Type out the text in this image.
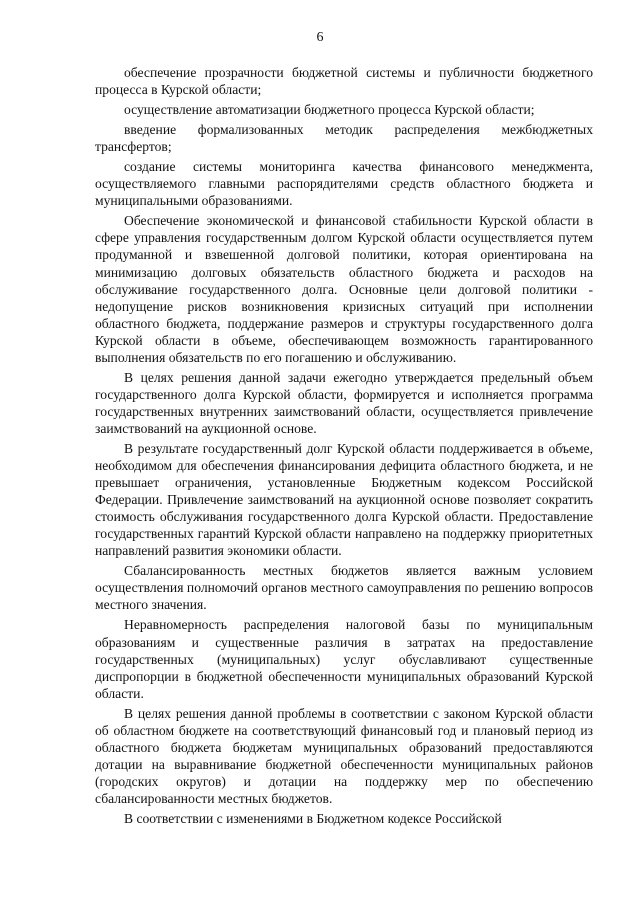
6

обеспечение прозрачности бюджетной системы и публичности бюджетного процесса в Курской области;

осуществление автоматизации бюджетного процесса Курской области;

введение формализованных методик распределения межбюджетных трансфертов;

создание системы мониторинга качества финансового менеджмента, осуществляемого главными распорядителями средств областного бюджета и муниципальными образованиями.

Обеспечение экономической и финансовой стабильности Курской области в сфере управления государственным долгом Курской области осуществляется путем продуманной и взвешенной долговой политики, которая ориентирована на минимизацию долговых обязательств областного бюджета и расходов на обслуживание государственного долга. Основные цели долговой политики - недопущение рисков возникновения кризисных ситуаций при исполнении областного бюджета, поддержание размеров и структуры государственного долга Курской области в объеме, обеспечивающем возможность гарантированного выполнения обязательств по его погашению и обслуживанию.

В целях решения данной задачи ежегодно утверждается предельный объем государственного долга Курской области, формируется и исполняется программа государственных внутренних заимствований области, осуществляется привлечение заимствований на аукционной основе.

В результате государственный долг Курской области поддерживается в объеме, необходимом для обеспечения финансирования дефицита областного бюджета, и не превышает ограничения, установленные Бюджетным кодексом Российской Федерации. Привлечение заимствований на аукционной основе позволяет сократить стоимость обслуживания государственного долга Курской области. Предоставление государственных гарантий Курской области направлено на поддержку приоритетных направлений развития экономики области.

Сбалансированность местных бюджетов является важным условием осуществления полномочий органов местного самоуправления по решению вопросов местного значения.

Неравномерность распределения налоговой базы по муниципальным образованиям и существенные различия в затратах на предоставление государственных (муниципальных) услуг обуславливают существенные диспропорции в бюджетной обеспеченности муниципальных образований Курской области.

В целях решения данной проблемы в соответствии с законом Курской области об областном бюджете на соответствующий финансовый год и плановый период из областного бюджета бюджетам муниципальных образований предоставляются дотации на выравнивание бюджетной обеспеченности муниципальных районов (городских округов) и дотации на поддержку мер по обеспечению сбалансированности местных бюджетов.

В соответствии с изменениями в Бюджетном кодексе Российской
